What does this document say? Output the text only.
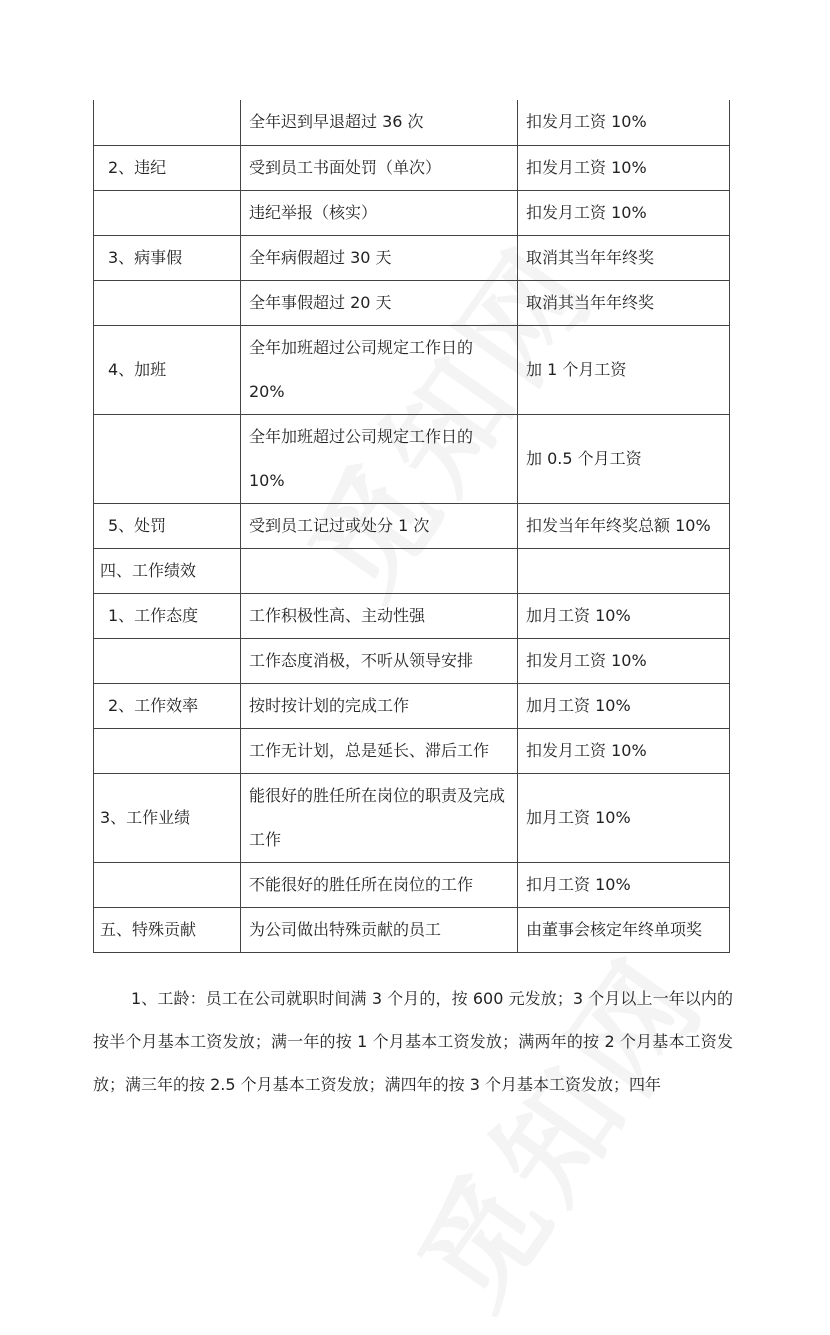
	全年迟到早退超过 36 次	扣发月工资 10%
2、违纪	受到员工书面处罚（单次）	扣发月工资 10%
	违纪举报（核实）	扣发月工资 10%
3、病事假	全年病假超过 30 天	取消其当年年终奖
	全年事假超过 20 天	取消其当年年终奖
4、加班	全年加班超过公司规定工作日的 20%	加 1 个月工资
	全年加班超过公司规定工作日的 10%	加 0.5 个月工资
5、处罚	受到员工记过或处分 1 次	扣发当年年终奖总额 10%
四、工作绩效		
1、工作态度	工作积极性高、主动性强	加月工资 10%
	工作态度消极，不听从领导安排	扣发月工资 10%
2、工作效率	按时按计划的完成工作	加月工资 10%
	工作无计划，总是延长、滞后工作	扣发月工资 10%
3、工作业绩	能很好的胜任所在岗位的职责及完成工作	加月工资 10%
	不能很好的胜任所在岗位的工作	扣月工资 10%
五、特殊贡献	为公司做出特殊贡献的员工	由董事会核定年终单项奖

1、工龄：员工在公司就职时间满 3 个月的，按 600 元发放；3 个月以上一年以内的按半个月基本工资发放；满一年的按 1 个月基本工资发放；满两年的按 2 个月基本工资发放；满三年的按 2.5 个月基本工资发放；满四年的按 3 个月基本工资发放；四年
